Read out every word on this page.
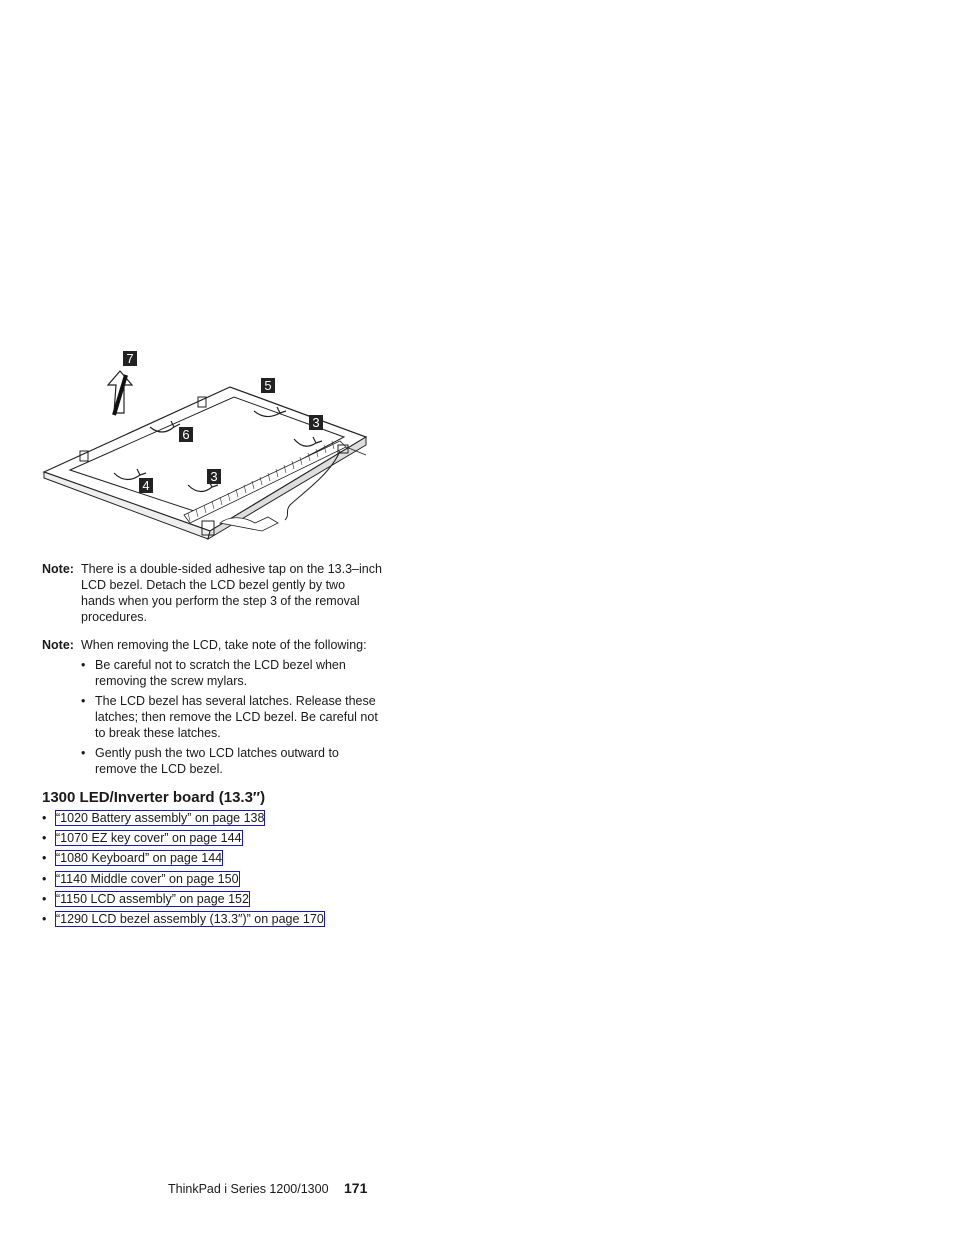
7
5
3
6
4
3
Note: There is a double-sided adhesive tap on the 13.3–inch LCD bezel. Detach the LCD bezel gently by two hands when you perform the step 3 of the removal procedures.
Note: When removing the LCD, take note of the following:
• Be careful not to scratch the LCD bezel when removing the screw mylars.
• The LCD bezel has several latches. Release these latches; then remove the LCD bezel. Be careful not to break these latches.
• Gently push the two LCD latches outward to remove the LCD bezel.
1300 LED/Inverter board (13.3″)
• “1020 Battery assembly” on page 138
• “1070 EZ key cover” on page 144
• “1080 Keyboard” on page 144
• “1140 Middle cover” on page 150
• “1150 LCD assembly” on page 152
• “1290 LCD bezel assembly (13.3″)” on page 170
ThinkPad i Series 1200/1300 171
